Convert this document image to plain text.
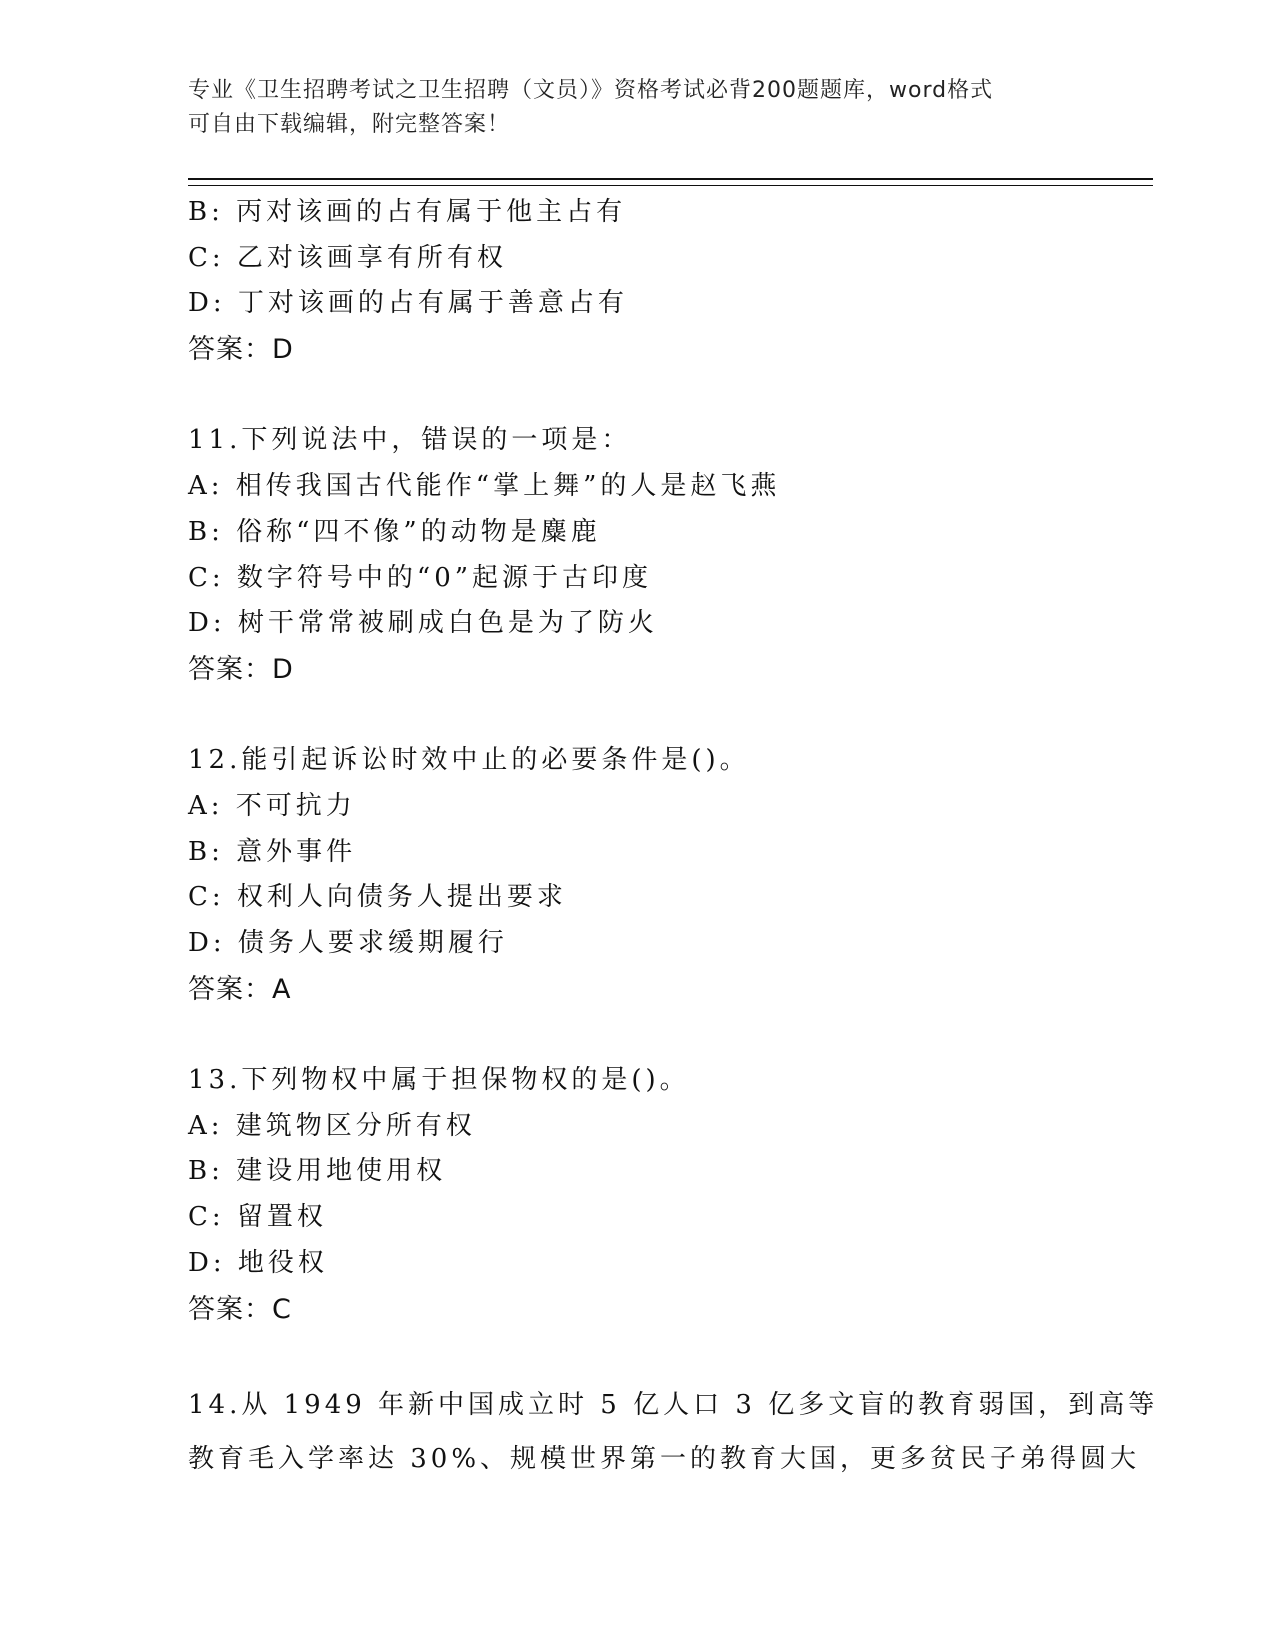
专业《卫生招聘考试之卫生招聘（文员）》资格考试必背200题题库，word格式
可自由下载编辑，附完整答案！
B: 丙对该画的占有属于他主占有
C: 乙对该画享有所有权
D: 丁对该画的占有属于善意占有
答案：D
11.下列说法中，错误的一项是：
A: 相传我国古代能作“掌上舞”的人是赵飞燕
B: 俗称“四不像”的动物是麋鹿
C: 数字符号中的“0”起源于古印度
D: 树干常常被刷成白色是为了防火
答案：D
12.能引起诉讼时效中止的必要条件是()。
A: 不可抗力
B: 意外事件
C: 权利人向债务人提出要求
D: 债务人要求缓期履行
答案：A
13.下列物权中属于担保物权的是()。
A: 建筑物区分所有权
B: 建设用地使用权
C: 留置权
D: 地役权
答案：C
14.从 1949 年新中国成立时 5 亿人口 3 亿多文盲的教育弱国，到高等
教育毛入学率达 30%、规模世界第一的教育大国，更多贫民子弟得圆大
